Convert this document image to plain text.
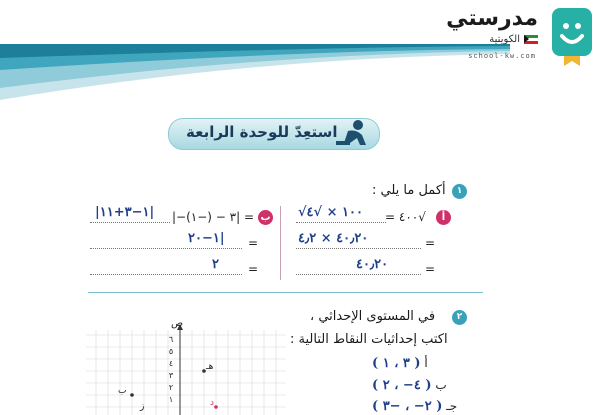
مدرستي
الكويتية
school-kw.com
استعِدّ للوحدة الرابعة
١
أكمل ما يلي :
أ
√٤٠٠ =
√١٠٠ × √٤
=
٤٠٫٢٠ × ٤٫٢
=
٤٠٫٢٠
ب
|−٣ − (−١)| =
|١−٣+١١|
=
١−٢٠|
=
٢
٢
في المستوى الإحداثي ،
اكتب إحداثيات النقاط التالية :
أ ( ٣ ، ١ )
ب ( ٤− ، ٢ )
جـ ( ٢− ، −٣ )
ص
٦
٥
٤
٣
٢
١
هـ
ب
د
ز
